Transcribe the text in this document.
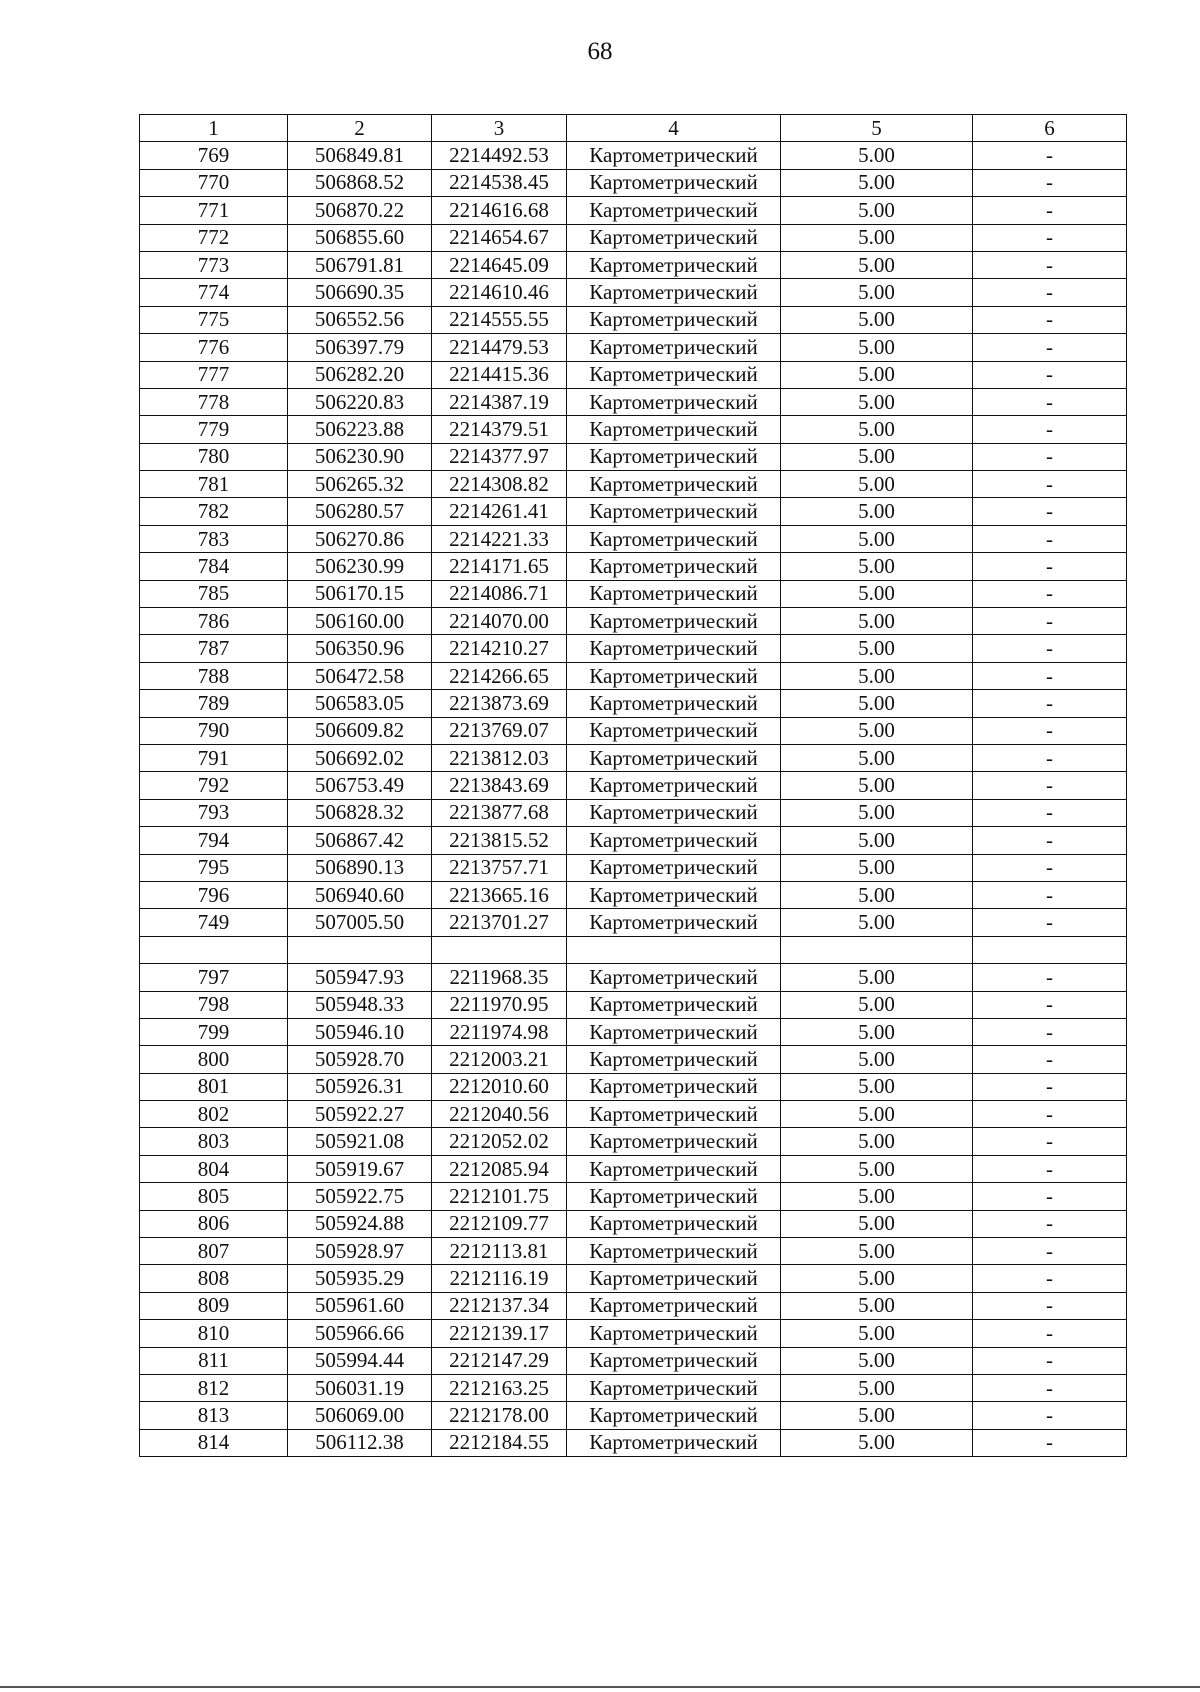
68
1	2	3	4	5	6
769	506849.81	2214492.53	Картометрический	5.00	-
770	506868.52	2214538.45	Картометрический	5.00	-
771	506870.22	2214616.68	Картометрический	5.00	-
772	506855.60	2214654.67	Картометрический	5.00	-
773	506791.81	2214645.09	Картометрический	5.00	-
774	506690.35	2214610.46	Картометрический	5.00	-
775	506552.56	2214555.55	Картометрический	5.00	-
776	506397.79	2214479.53	Картометрический	5.00	-
777	506282.20	2214415.36	Картометрический	5.00	-
778	506220.83	2214387.19	Картометрический	5.00	-
779	506223.88	2214379.51	Картометрический	5.00	-
780	506230.90	2214377.97	Картометрический	5.00	-
781	506265.32	2214308.82	Картометрический	5.00	-
782	506280.57	2214261.41	Картометрический	5.00	-
783	506270.86	2214221.33	Картометрический	5.00	-
784	506230.99	2214171.65	Картометрический	5.00	-
785	506170.15	2214086.71	Картометрический	5.00	-
786	506160.00	2214070.00	Картометрический	5.00	-
787	506350.96	2214210.27	Картометрический	5.00	-
788	506472.58	2214266.65	Картометрический	5.00	-
789	506583.05	2213873.69	Картометрический	5.00	-
790	506609.82	2213769.07	Картометрический	5.00	-
791	506692.02	2213812.03	Картометрический	5.00	-
792	506753.49	2213843.69	Картометрический	5.00	-
793	506828.32	2213877.68	Картометрический	5.00	-
794	506867.42	2213815.52	Картометрический	5.00	-
795	506890.13	2213757.71	Картометрический	5.00	-
796	506940.60	2213665.16	Картометрический	5.00	-
749	507005.50	2213701.27	Картометрический	5.00	-

797	505947.93	2211968.35	Картометрический	5.00	-
798	505948.33	2211970.95	Картометрический	5.00	-
799	505946.10	2211974.98	Картометрический	5.00	-
800	505928.70	2212003.21	Картометрический	5.00	-
801	505926.31	2212010.60	Картометрический	5.00	-
802	505922.27	2212040.56	Картометрический	5.00	-
803	505921.08	2212052.02	Картометрический	5.00	-
804	505919.67	2212085.94	Картометрический	5.00	-
805	505922.75	2212101.75	Картометрический	5.00	-
806	505924.88	2212109.77	Картометрический	5.00	-
807	505928.97	2212113.81	Картометрический	5.00	-
808	505935.29	2212116.19	Картометрический	5.00	-
809	505961.60	2212137.34	Картометрический	5.00	-
810	505966.66	2212139.17	Картометрический	5.00	-
811	505994.44	2212147.29	Картометрический	5.00	-
812	506031.19	2212163.25	Картометрический	5.00	-
813	506069.00	2212178.00	Картометрический	5.00	-
814	506112.38	2212184.55	Картометрический	5.00	-
